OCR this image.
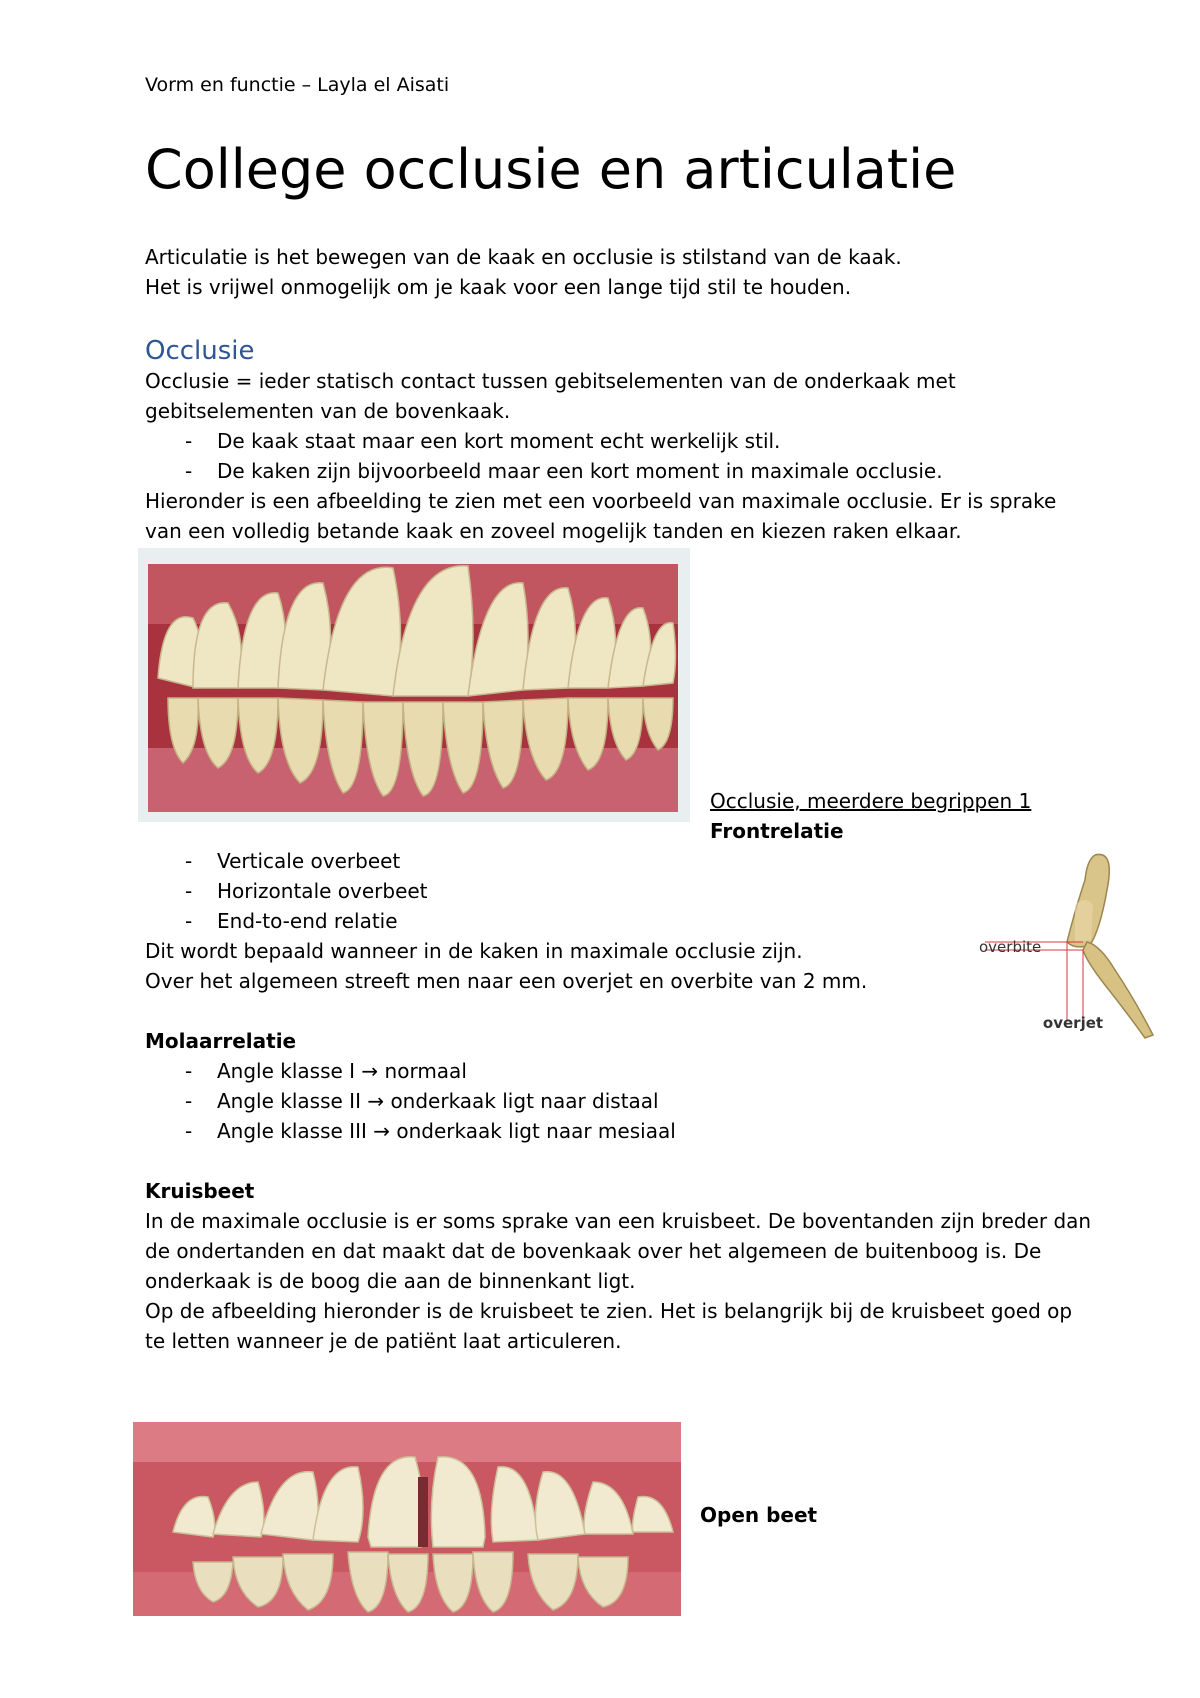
Vorm en functie – Layla el Aisati
College occlusie en articulatie

Articulatie is het bewegen van de kaak en occlusie is stilstand van de kaak.

Het is vrijwel onmogelijk om je kaak voor een lange tijd stil te houden.

Occlusie

Occlusie = ieder statisch contact tussen gebitselementen van de onderkaak met

gebitselementen van de bovenkaak.

- De kaak staat maar een kort moment echt werkelijk stil.
- De kaken zijn bijvoorbeeld maar een kort moment in maximale occlusie.

Hieronder is een afbeelding te zien met een voorbeeld van maximale occlusie. Er is sprake

van een volledig betande kaak en zoveel mogelijk tanden en kiezen raken elkaar.

Occlusie, meerdere begrippen 1
Frontrelatie
- Verticale overbeet
- Horizontale overbeet
- End-to-end relatie

Dit wordt bepaald wanneer in de kaken in maximale occlusie zijn.

Over het algemeen streeft men naar een overjet en overbite van 2 mm.

overbite
overjet
Molaarrelatie
- Angle klasse I → normaal
- Angle klasse II → onderkaak ligt naar distaal
- Angle klasse III → onderkaak ligt naar mesiaal
Kruisbeet

In de maximale occlusie is er soms sprake van een kruisbeet. De boventanden zijn breder dan

de ondertanden en dat maakt dat de bovenkaak over het algemeen de buitenboog is. De

onderkaak is de boog die aan de binnenkant ligt.

Op de afbeelding hieronder is de kruisbeet te zien. Het is belangrijk bij de kruisbeet goed op

te letten wanneer je de patiënt laat articuleren.

Open beet
